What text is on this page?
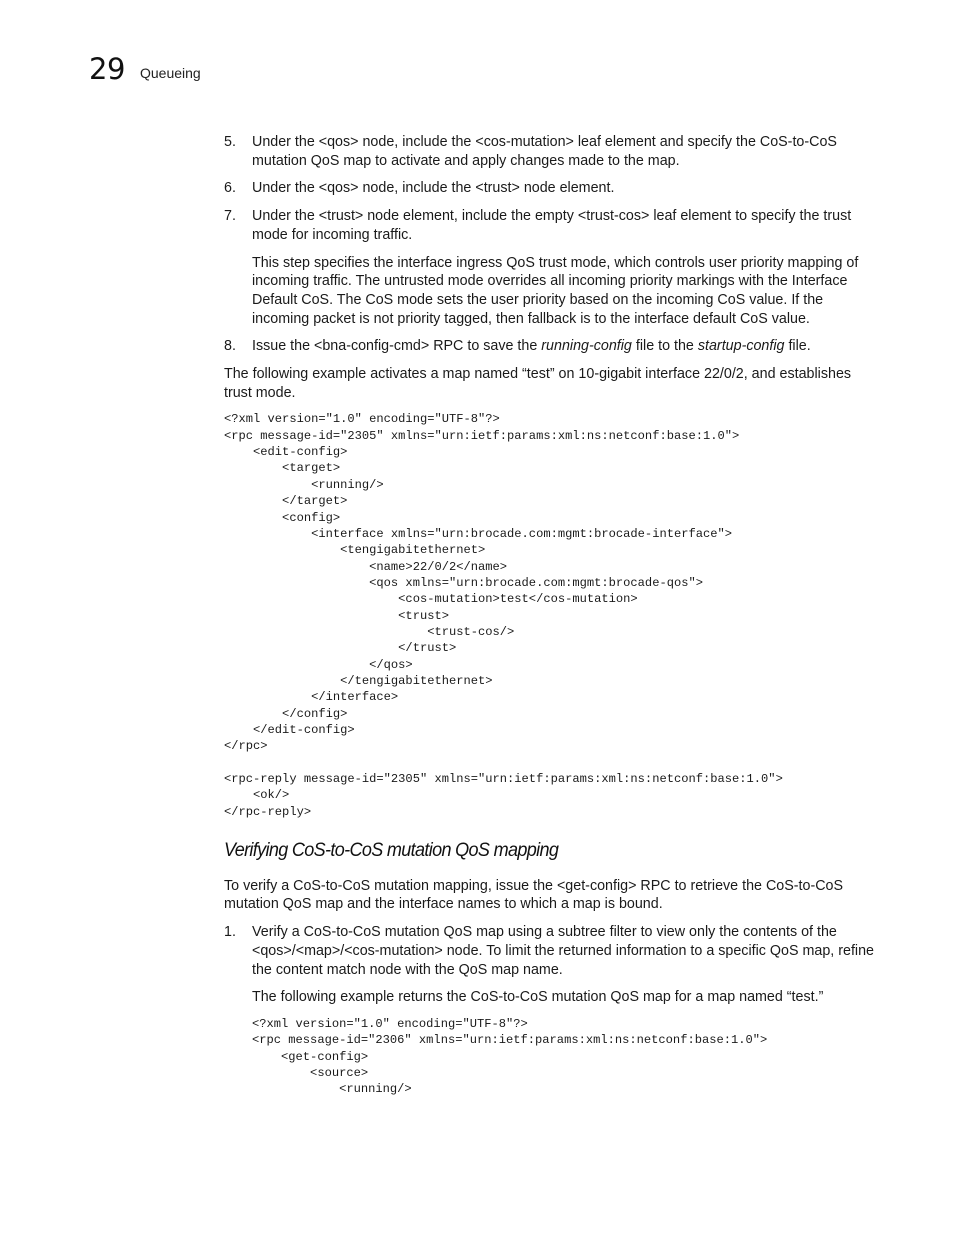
29 Queueing
5. Under the <qos> node, include the <cos-mutation> leaf element and specify the CoS-to-CoS mutation QoS map to activate and apply changes made to the map.
6. Under the <qos> node, include the <trust> node element.
7. Under the <trust> node element, include the empty <trust-cos> leaf element to specify the trust mode for incoming traffic.
This step specifies the interface ingress QoS trust mode, which controls user priority mapping of incoming traffic. The untrusted mode overrides all incoming priority markings with the Interface Default CoS. The CoS mode sets the user priority based on the incoming CoS value. If the incoming packet is not priority tagged, then fallback is to the interface default CoS value.
8. Issue the <bna-config-cmd> RPC to save the running-config file to the startup-config file.
The following example activates a map named “test” on 10-gigabit interface 22/0/2, and establishes trust mode.
<?xml version="1.0" encoding="UTF-8"?>
<rpc message-id="2305" xmlns="urn:ietf:params:xml:ns:netconf:base:1.0">
<edit-config>
<target>
<running/>
</target>
<config>
<interface xmlns="urn:brocade.com:mgmt:brocade-interface">
<tengigabitethernet>
<name>22/0/2</name>
<qos xmlns="urn:brocade.com:mgmt:brocade-qos">
<cos-mutation>test</cos-mutation>
<trust>
<trust-cos/>
</trust>
</qos>
</tengigabitethernet>
</interface>
</config>
</edit-config>
</rpc>

<rpc-reply message-id="2305" xmlns="urn:ietf:params:xml:ns:netconf:base:1.0">
<ok/>
</rpc-reply>
Verifying CoS-to-CoS mutation QoS mapping
To verify a CoS-to-CoS mutation mapping, issue the <get-config> RPC to retrieve the CoS-to-CoS mutation QoS map and the interface names to which a map is bound.
1. Verify a CoS-to-CoS mutation QoS map using a subtree filter to view only the contents of the <qos>/<map>/<cos-mutation> node. To limit the returned information to a specific QoS map, refine the content match node with the QoS map name.
The following example returns the CoS-to-CoS mutation QoS map for a map named “test.”
<?xml version="1.0" encoding="UTF-8"?>
<rpc message-id="2306" xmlns="urn:ietf:params:xml:ns:netconf:base:1.0">
<get-config>
<source>
<running/>
